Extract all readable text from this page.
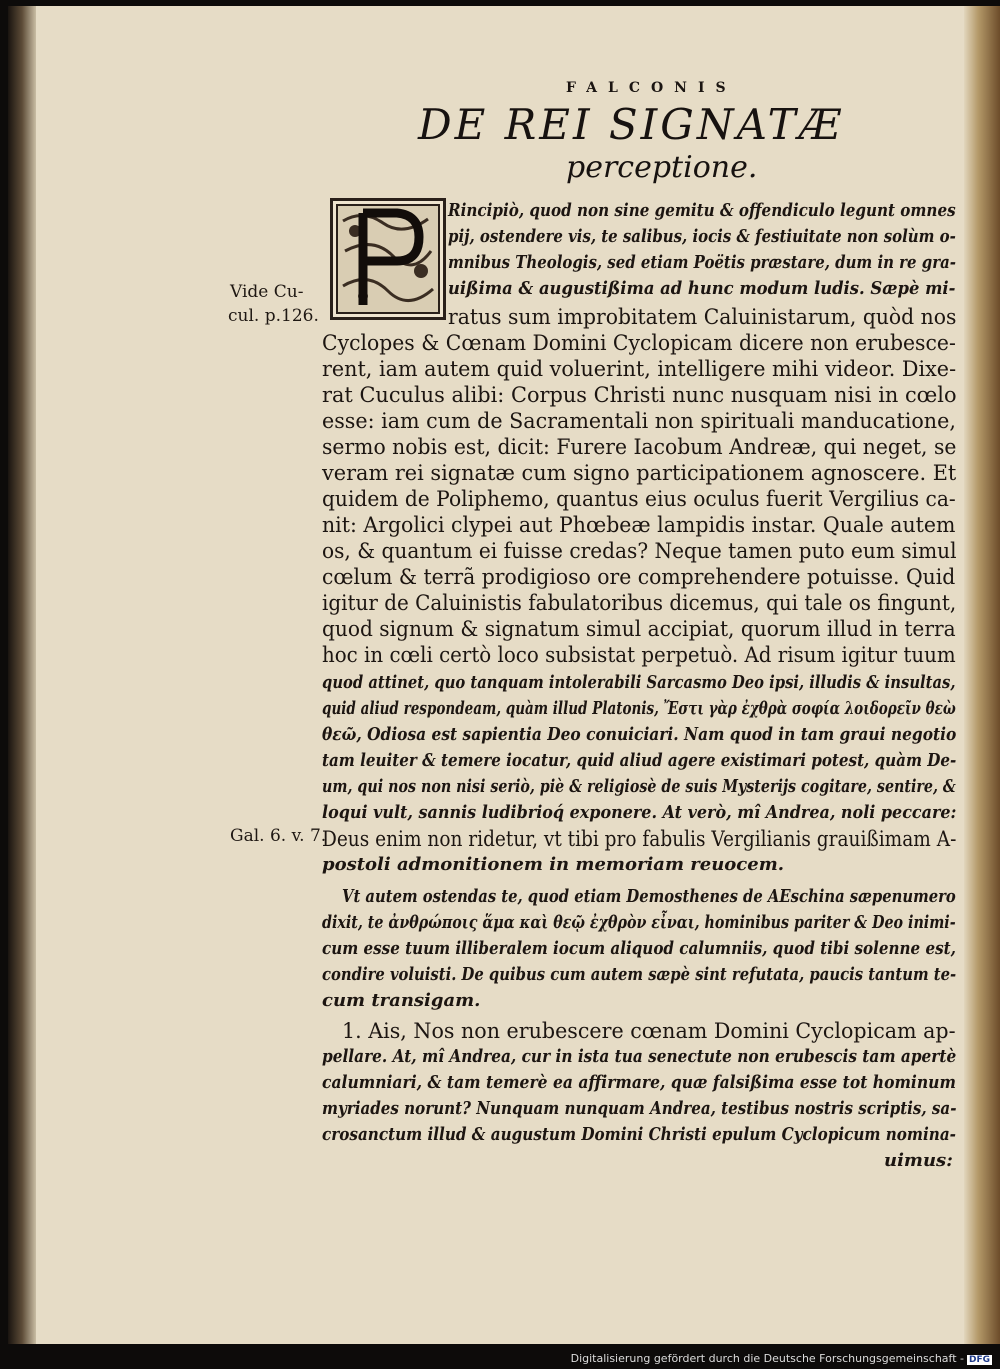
FALCONIS
DE REI SIGNATÆ
perceptione.
Vide Cu-
cul. p.126.
Gal. 6. v. 7.
Rincipiò, quod non sine gemitu & offendiculo legunt omnes
pij, ostendere vis, te salibus, iocis & festiuitate non solùm o-
mnibus Theologis, sed etiam Poëtis præstare, dum in re gra-
uißima & augustißima ad hunc modum ludis. Sæpè mi-
ratus sum improbitatem Caluinistarum, quòd nos
Cyclopes & Cœnam Domini Cyclopicam dicere non erubescе-
rent, iam autem quid voluerint, intelligere mihi videor. Dixe-
rat Cuculus alibi: Corpus Christi nunc nusquam nisi in cœlo
esse: iam cum de Sacramentali non spirituali manducatione,
sermo nobis est, dicit: Furere Iacobum Andreæ, qui neget, se
veram rei signatæ cum signo participationem agnoscere. Et
quidem de Poliphemo, quantus eius oculus fuerit Vergilius ca-
nit: Argolici clypei aut Phœbeæ lampidis instar. Quale autem
os, & quantum ei fuisse credas? Neque tamen puto eum simul
cœlum & terrã prodigioso ore comprehendere potuisse. Quid
igitur de Caluinistis fabulatoribus dicemus, qui tale os fingunt,
quod signum & signatum simul accipiat, quorum illud in terra
hoc in cœli certò loco subsistat perpetuò. Ad risum igitur tuum
quod attinet, quo tanquam intolerabili Sarcasmo Deo ipsi, illudis & insultas,
quid aliud respondeam, quàm illud Platonis, Ἔστι γὰρ ἐχθρὰ σοφία λοιδορεῖν θεὼ
θεῶ, Odiosa est sapientia Deo conuiciari. Nam quod in tam graui negotio
tam leuiter & temere iocatur, quid aliud agere existimari potest, quàm De-
um, qui nos non nisi seriò, piè & religiosè de suis Mysterijs cogitare, sentire, &
loqui vult, sannis ludibrioq́ exponere. At verò, mî Andrea, noli peccare:
Deus enim non ridetur, vt tibi pro fabulis Vergilianis grauißimam A-
postoli admonitionem in memoriam reuocem.
Vt autem ostendas te, quod etiam Demosthenes de AEschina sæpenumero
dixit, te ἀνθρώποις ἅμα καὶ θεῷ ἐχθρὸν εἶναι, hominibus pariter & Deo inimi-
cum esse tuum illiberalem iocum aliquod calumniis, quod tibi solenne est,
condire voluisti. De quibus cum autem sæpè sint refutata, paucis tantum te-
cum transigam.
1. Ais, Nos non erubescere cœnam Domini Cyclopicam ap-
pellare. At, mî Andrea, cur in ista tua senectute non erubescis tam apertè
calumniari, & tam temerè ea affirmare, quæ falsißima esse tot hominum
myriades norunt? Nunquam nunquam Andrea, testibus nostris scriptis, sa-
crosanctum illud & augustum Domini Christi epulum Cyclopicum nomina-
uimus:
Digitalisierung gefördert durch die Deutsche Forschungsgemeinschaft - DFG
